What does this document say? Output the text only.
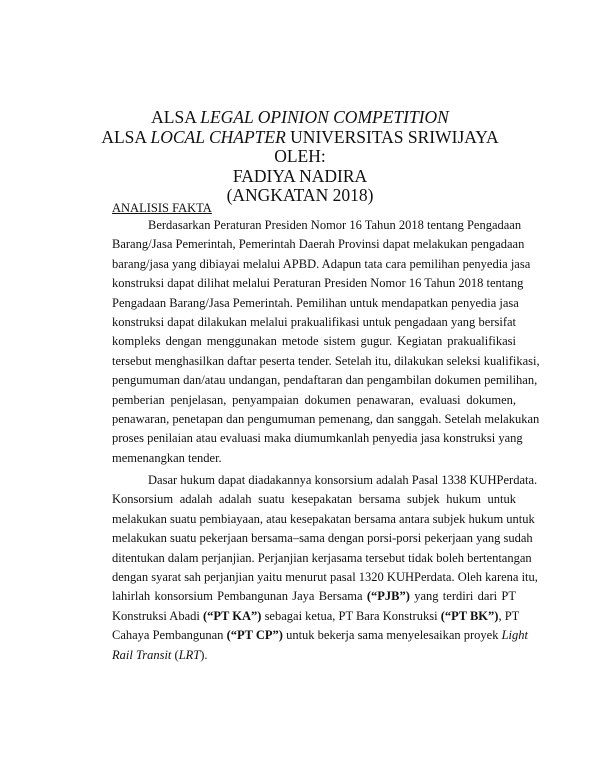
ALSA LEGAL OPINION COMPETITION
ALSA LOCAL CHAPTER UNIVERSITAS SRIWIJAYA
OLEH:
FADIYA NADIRA
(ANGKATAN 2018)
ANALISIS FAKTA
Berdasarkan Peraturan Presiden Nomor 16 Tahun 2018 tentang Pengadaan
Barang/Jasa Pemerintah, Pemerintah Daerah Provinsi dapat melakukan pengadaan
barang/jasa yang dibiayai melalui APBD. Adapun tata cara pemilihan penyedia jasa
konstruksi dapat dilihat melalui Peraturan Presiden Nomor 16 Tahun 2018 tentang
Pengadaan Barang/Jasa Pemerintah. Pemilihan untuk mendapatkan penyedia jasa
konstruksi dapat dilakukan melalui prakualifikasi untuk pengadaan yang bersifat
kompleks dengan menggunakan metode sistem gugur. Kegiatan prakualifikasi
tersebut menghasilkan daftar peserta tender. Setelah itu, dilakukan seleksi kualifikasi,
pengumuman dan/atau undangan, pendaftaran dan pengambilan dokumen pemilihan,
pemberian penjelasan, penyampaian dokumen penawaran, evaluasi dokumen,
penawaran, penetapan dan pengumuman pemenang, dan sanggah. Setelah melakukan
proses penilaian atau evaluasi maka diumumkanlah penyedia jasa konstruksi yang
memenangkan tender.
Dasar hukum dapat diadakannya konsorsium adalah Pasal 1338 KUHPerdata.
Konsorsium adalah adalah suatu kesepakatan bersama subjek hukum untuk
melakukan suatu pembiayaan, atau kesepakatan bersama antara subjek hukum untuk
melakukan suatu pekerjaan bersama–sama dengan porsi-porsi pekerjaan yang sudah
ditentukan dalam perjanjian. Perjanjian kerjasama tersebut tidak boleh bertentangan
dengan syarat sah perjanjian yaitu menurut pasal 1320 KUHPerdata. Oleh karena itu,
lahirlah konsorsium Pembangunan Jaya Bersama (“PJB”) yang terdiri dari PT
Konstruksi Abadi (“PT KA”) sebagai ketua, PT Bara Konstruksi (“PT BK”), PT
Cahaya Pembangunan (“PT CP”) untuk bekerja sama menyelesaikan proyek Light
Rail Transit (LRT).
